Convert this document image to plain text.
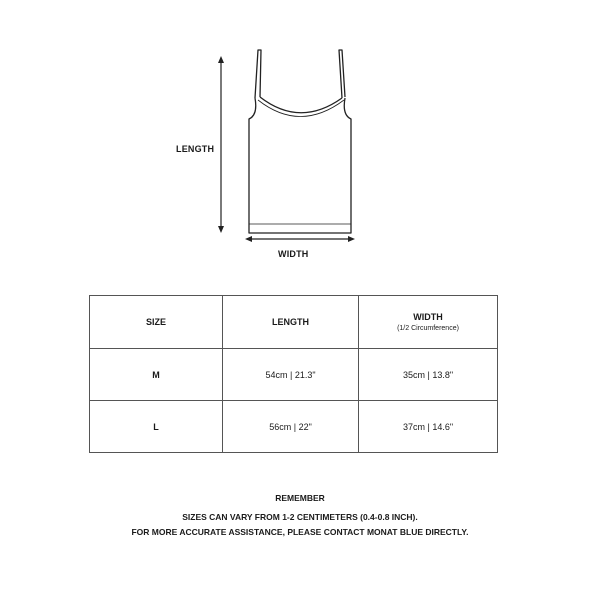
LENGTH
WIDTH
SIZE	LENGTH	WIDTH
(1/2 Circumference)

M	54cm | 21.3"	35cm | 13.8"
L	56cm | 22"	37cm | 14.6"
REMEMBER
SIZES CAN VARY FROM 1-2 CENTIMETERS (0.4-0.8 INCH).
FOR MORE ACCURATE ASSISTANCE, PLEASE CONTACT MONAT BLUE DIRECTLY.
